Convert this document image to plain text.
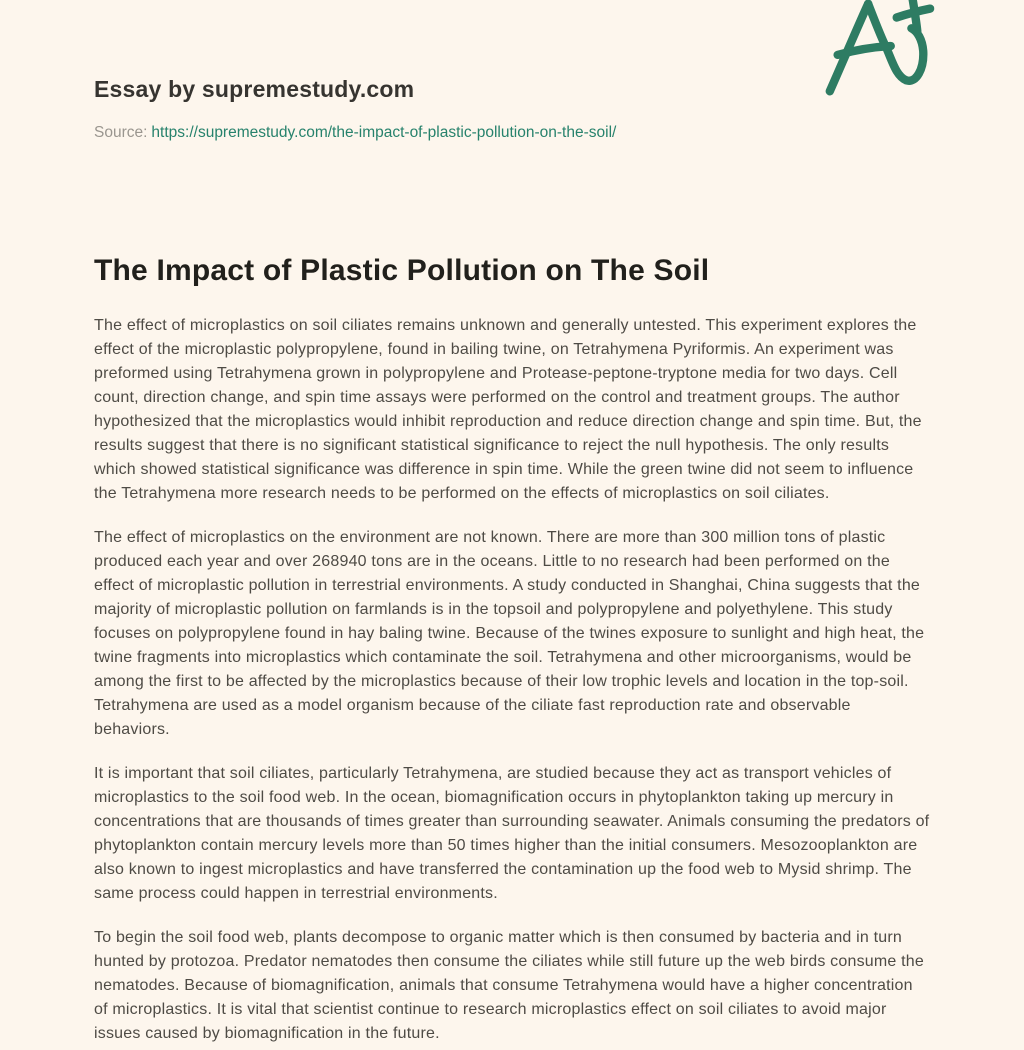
Essay by supremestudy.com
Source: https://supremestudy.com/the-impact-of-plastic-pollution-on-the-soil/
The Impact of Plastic Pollution on The Soil

The effect of microplastics on soil ciliates remains unknown and generally untested. This experiment explores the effect of the microplastic polypropylene, found in bailing twine, on Tetrahymena Pyriformis. An experiment was preformed using Tetrahymena grown in polypropylene and Protease-peptone-tryptone media for two days. Cell count, direction change, and spin time assays were performed on the control and treatment groups. The author hypothesized that the microplastics would inhibit reproduction and reduce direction change and spin time. But, the results suggest that there is no significant statistical significance to reject the null hypothesis. The only results which showed statistical significance was difference in spin time. While the green twine did not seem to influence the Tetrahymena more research needs to be performed on the effects of microplastics on soil ciliates.

The effect of microplastics on the environment are not known. There are more than 300 million tons of plastic produced each year and over 268940 tons are in the oceans. Little to no research had been performed on the effect of microplastic pollution in terrestrial environments. A study conducted in Shanghai, China suggests that the majority of microplastic pollution on farmlands is in the topsoil and polypropylene and polyethylene. This study focuses on polypropylene found in hay baling twine. Because of the twines exposure to sunlight and high heat, the twine fragments into microplastics which contaminate the soil. Tetrahymena and other microorganisms, would be among the first to be affected by the microplastics because of their low trophic levels and location in the top-soil. Tetrahymena are used as a model organism because of the ciliate fast reproduction rate and observable behaviors.

It is important that soil ciliates, particularly Tetrahymena, are studied because they act as transport vehicles of microplastics to the soil food web. In the ocean, biomagnification occurs in phytoplankton taking up mercury in concentrations that are thousands of times greater than surrounding seawater. Animals consuming the predators of phytoplankton contain mercury levels more than 50 times higher than the initial consumers. Mesozooplankton are also known to ingest microplastics and have transferred the contamination up the food web to Mysid shrimp. The same process could happen in terrestrial environments.

To begin the soil food web, plants decompose to organic matter which is then consumed by bacteria and in turn hunted by protozoa. Predator nematodes then consume the ciliates while still future up the web birds consume the nematodes. Because of biomagnification, animals that consume Tetrahymena would have a higher concentration of microplastics. It is vital that scientist continue to research microplastics effect on soil ciliates to avoid major issues caused by biomagnification in the future.
